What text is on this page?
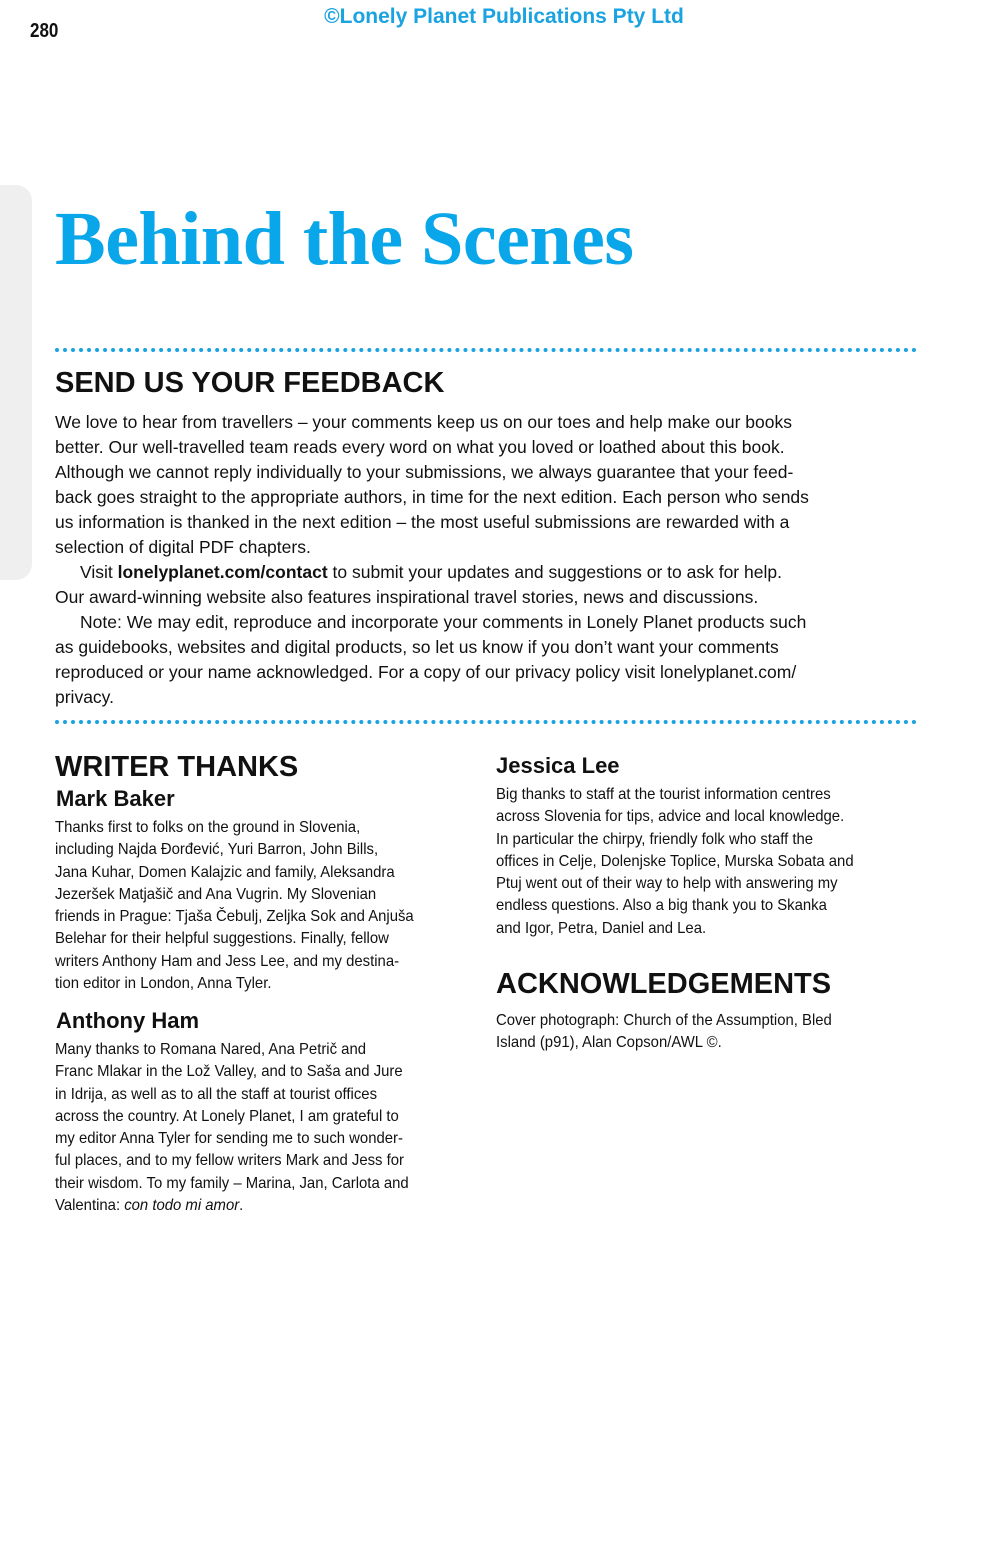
280
©Lonely Planet Publications Pty Ltd
Behind the Scenes
SEND US YOUR FEEDBACK
We love to hear from travellers – your comments keep us on our toes and help make our books
better. Our well-travelled team reads every word on what you loved or loathed about this book.
Although we cannot reply individually to your submissions, we always guarantee that your feed-
back goes straight to the appropriate authors, in time for the next edition. Each person who sends
us information is thanked in the next edition – the most useful submissions are rewarded with a
selection of digital PDF chapters.
Visit lonelyplanet.com/contact to submit your updates and suggestions or to ask for help.
Our award-winning website also features inspirational travel stories, news and discussions.
Note: We may edit, reproduce and incorporate your comments in Lonely Planet products such
as guidebooks, websites and digital products, so let us know if you don’t want your comments
reproduced or your name acknowledged. For a copy of our privacy policy visit lonelyplanet.com/
privacy.
WRITER THANKS
Mark Baker
Thanks first to folks on the ground in Slovenia,
including Najda Đorđević, Yuri Barron, John Bills,
Jana Kuhar, Domen Kalajzic and family, Aleksandra
Jezeršek Matjašič and Ana Vugrin. My Slovenian
friends in Prague: Tjaša Čebulj, Zeljka Sok and Anjuša
Belehar for their helpful suggestions. Finally, fellow
writers Anthony Ham and Jess Lee, and my destina-
tion editor in London, Anna Tyler.
Anthony Ham
Many thanks to Romana Nared, Ana Petrič and
Franc Mlakar in the Lož Valley, and to Saša and Jure
in Idrija, as well as to all the staff at tourist offices
across the country. At Lonely Planet, I am grateful to
my editor Anna Tyler for sending me to such wonder-
ful places, and to my fellow writers Mark and Jess for
their wisdom. To my family – Marina, Jan, Carlota and
Valentina: con todo mi amor.
Jessica Lee
Big thanks to staff at the tourist information centres
across Slovenia for tips, advice and local knowledge.
In particular the chirpy, friendly folk who staff the
offices in Celje, Dolenjske Toplice, Murska Sobata and
Ptuj went out of their way to help with answering my
endless questions. Also a big thank you to Skanka
and Igor, Petra, Daniel and Lea.
ACKNOWLEDGEMENTS
Cover photograph: Church of the Assumption, Bled
Island (p91), Alan Copson/AWL ©.
